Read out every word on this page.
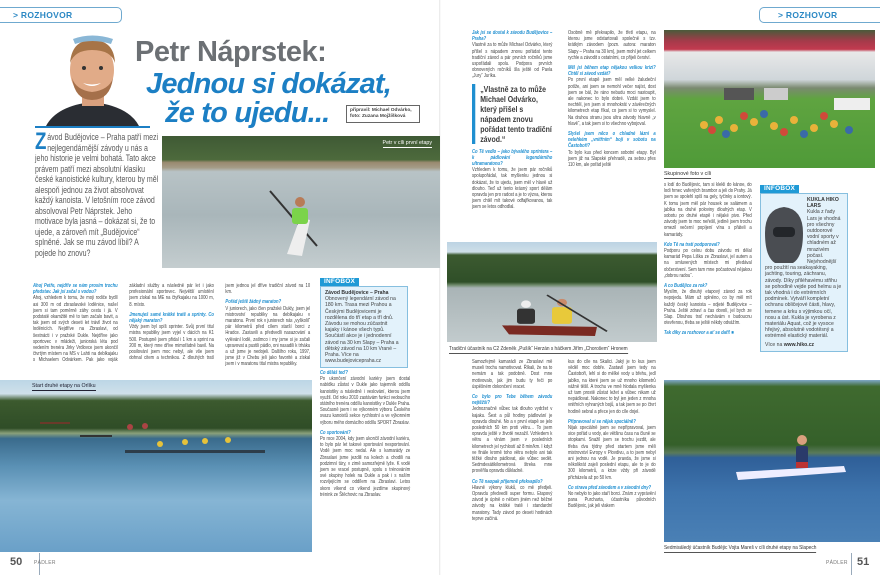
> ROZHOVOR
Petr Náprstek:
Jednou si dokázat,
že to ujedu...	připravil: Michael Odvárko,
foto: Zuzana Mojžíšková
Závod Budějovice – Praha patří mezi nejlegendárnější závody u nás a jeho historie je velmi bohatá. Tato akce právem patří mezi absolutní klasiku české kanoistické kultury, kterou by měl alespoň jednou za život absolvovat každý kanoista. V letošním roce závod absolvoval Petr Náprstek. Jeho motivace byla jasná – dokázat si, že to ujede, a zároveň mít „Budějovice“ splněné. Jak se mu závod líbil? A pojede ho znovu?
Petr v cíli první etapy
Ahoj Petře, nejdřív se nám prosím trochu představ. Jak jsi začal s vodou?
Ahoj, vzhledem k tomu, že moji rodiče bydlí asi 300 m od zbraslavské loděnice, našel jsem si tam poměrně záhy cestu i já. V podstatě okamžitě mě to tam začalo bavit, a tak jsem od svých deseti let trávil život na loděnicích. Nejdříve na Zbraslavi, od šestnácti i v pražské Dukle. Nejdříve jako sportovec v mládeži, juniorská léta pod vedením trenéra Jirky Vrdlovce jsem ukončil čtvrtým místem na MS v Lahti na deblkajaku s Michaelem Odvárkem. Pak jako voják základní služby a následně pár let i jako profesionální sportovec. Největší umístění jsem získal na ME na čtyřkajaku na 1000 m, 8. místo.
Jmenuješ samé krátké tratě a sprinty. Co nějaký maraton?
Vždy jsem byl spíš sprinter. Svůj první titul mistra republiky jsem vyjel v dácích na K1 500. Postupně jsem přidal i 1 km a sprint na 200 m, který mne dříve mimořádně bavil. Na posilování jsem moc nebyl, ale vše jsem dohnal citem a technikou. Z dlouhých tratí jsem jednou jel dříve tradiční závod na 10 km.
Pořád ještě žádný maraton?
V juniorech, jako člen pražské Dukly, jsem jel mistrovství republiky na deblkajaku v maratonu. První rok v juniorech nás „vyškolil“ pár kilometrů před cílem starší borci z Hradce. Zastavili a předvedli nasazování a vylévání lodě, zatímco i my jsme si je začali upravovat a pustili pádlo, oni nasadili k trháku a už jsme je nedojeli. Dalšího roku, 1997, jsme již v Chebu jeli jako favorité a získal jsem i v maratonu titul mistra republiky.
INFOBOX
Závod Budějovice – Praha
Obnovený legendární závod na 180 km. Trasa mezi Prahou a Českými Budějovicemi je rozdělena do tří etap a tří dnů. Závodu se mohou zúčastnit kajaky i kánoe všech typů. Součástí akce je i jednodenní závod na 30 km Slapy – Praha a dětský závod na 10 km Vrané – Praha. Více na www.budejovicepraha.cz
Co děláš teď?
Po ukončení závodní kariéry jsem dostal nabídku zůstat v Dukle jako tajemník oddílu kanoistiky a následně i veslování, kterou jsem využil. Od roku 2010 zastávám funkci vedoucího státního trenéra oddílu kanoistiky v Dukle Praha. Současně jsem i ve výkonném výboru Českého svazu kanoistů sekce rychlostní a ve výkonném výboru mého domácího oddílu SPORT Zbraslav.
Co sportování?
Po roce 2004, kdy jsem ukončil závodní kariéru, to bylo pár let takové sportování nesportování. Vodě jsem moc nedal. Ale s kamarády ze Zbraslavi jsme jezdili na kolech a chodili na podzimní túry, v zimě samozřejmě lyže. K vodě jsem se vracel postupně, spolu s trénováním své skupiny holek na Dukle a pak i s naším rozvíjejícím se oddílem na Zbraslavi. Letos skoro víkend co víkend jezdíme skupinový trénink ze Štěchovic na Zbraslav.
Start druhé etapy na Orlíku
50	PÁDLER
> ROZHOVOR
Jak jsi se dostal k závodu Budějovice – Praha?
Vlastně za to může Michael Odvárko, který přišel s nápadem znovu pořádat tento tradiční závod a pár prvních ročníků jsme uspořádali spolu. Podpora prvních obnovených ročníků šla ještě od Pavla „Jury“ Juríka.
„Vlastně za to může Michael Odvárko, který přišel s nápadem znovu pořádat tento tradiční závod.“
Co Tě vedlo – jako bývalého sprintera – k pádlování legendárního ultramaratonu?
Vzhledem k tomu, že jsem pár ročníků spolupořádal, tak myšlenku jednou si dokázat, že to ujedu, jsem měl v hlavě už dlouho. Teď už tento krásný sport dělám opravdu jen pro radost a je to výzva, kterou jsem chtěl mít takové odfajfkovanou, tak jsem se letos odhodlal.
Osobně mě překvapilo, že třetí etapu, na kterou jsme odstartovali společně s tzv. krátkým závodem (pozn. autora: maraton Slapy – Praha na 30 km), jsem mohl jet celkem rychle a závodit s ostatními, co přijeli čerství.
Měl jsi během etap nějakou velkou krizi? Chtěl si závod vzdát?
Po první etapě jsem měl velké žaludeční potíže, ani jsem se nemohl večer najíst, dost jsem se bál, že ráno nebudu moci nastoupit, ale nakonec to bylo dobré. Vzdát jsem to nechtěl, jen jsem si mnohokrát v závěrečných kilometrech etap říkal, co jsem si to vymyslel. Na druhou stranu jsou ultra závody hlavně „v hlavě“, a tak jsem si to všechno vybojoval.
Slyšel jsem něco o chladné lázni a nelehkém „vnitřním“ boji v sobotu na Častoboři?
To bylo kus před koncem sobotní etapy. Byl jsem již na Slapské přehradě, za sebou přes 110 km, ale pořád ještě
Skupinové foto v cíli
s lodí do Budějovic, tam si klekli do kánoe, do lodi hrnec vařených brambor a jeli do Prahy. Já jsem se spolehl spíš na gely, tyčinky a iontový. K tomu jsem měl pár housek se salámem a jablka na druhé poloviny dlouhých etap. V sobotu po druhé etapě i nějaké pivo. Před závody jsem to moc neřešil, jedině jsem trochu omezil večerní popíjení vína s přáteli a kamarády.
Kdo Tě na trati podporoval?
Podporu po celou dobu závodu mi dělal kamarád Pepa Liška ze Zbraslavi, jel autem a na smluvených místech mi předával občerstvení. Sem tam mne počastoval nějakou „dobrou radou“.
A co Budějice za rok?
Myslím, že dlouhý etapový závod za rok nepojedu. Mám už splněno, co by měl mít každý český kanoista – odjeté Budějovice – Praha. Ještě zdraví a čas dovolí, jel bych ze Slap. Dlouhou trať nechávám v budoucnu otevřenou, třeba se ještě někdy odvážím.
Tak díky za rozhovor a ať se daří! ■
INFOBOX
KUKLA HIKO LARS
Kukla z řady Lars je vhodná pro všechny outdoorové vodní sporty v chladném až mrazivém počasí. Nejvhodnější pro použití na seakayaking, jachting, touring, záchranu, závody. Díky přiléhavému střihu se pohodlně vejde pod helmu a je tak vhodná i do extrémních podmínek. Vytváří kompletní ochranu obličejové části, hlavy, temene a krku s výjimkou očí, nosu a úst. Kukla je vyrobena z materiálu Aquat, což je vysoce hřejivý, absolutně vodotěsný a extrémně elastický materiál.
Více na www.hiko.cz
Tradiční účastník na C2 Zdeněk „Pušík“ Herzán s háčkem Jiřím „Chorošem“ Hronem
Samozřejmě kamarádi ze Zbraslavi mě museli trochu namotivovat. Říkali, že na to nemám a tak podobně. Dost mne motivovalo, jak jim budu ty řeči po úspěšném dokončení vracet.
Co bylo pro Tebe během závodu nejtěžší?
Jednoznačně vůbec tak dlouho vydržet v kajaku. Šest a půl hodiny pádlování je opravdu dlouhé. No a v první etapě se jelo posledních 50 km proti větru… To jsem opravdu ještě v životě nezažil. Vzhledem k větru a vlnám jsem v posledních kilometrech jel rychlostí až 8 min/km. I když ve finále kromě toho větru nebylo ani tak těžké dlouho pádlovat, ale vůbec sedět. Sedmdesátikilometrová štreka mne prověřila opravdu důkladně.
Co Tě naopak příjemně překvapilo?
Hlavně výkony kluků, co mě předjeli. Opravdu předvedli super formu. Etapový závod je úplně o něčem jiném než běžné závody na krátké tratě i standardní maratony. Tady závod po deseti hodinách teprve začíná.
kus do cíle na Skalici. Jaký je to kus jsem věděl moc dobře. Zastavil jsem tedy na Častoboři, lehl si do mělké vody u břehu, jedl jablko, na které jsem se už mnoho kilometrů vážně těšil. A trochu ve mně hlodala myšlenka už tam prostě zůstat ležet a vůbec nikam už nepádlovat. Nakonec to byl jen jeden z mnoha vnitřních vyhraných bojů, a tak jsem se po čtvrt hodině sebral a přece jen do cíle dojel.
Připravoval si se nějak speciálně?
Nijak speciálně jsem se nepřipravoval, jsem sice pořád u vody, ale většinu času na čluně se stopkami. Snažil jsem se trochu jezdit, ale třeba dva týdny před startem jsme měli mistrovství Evropy v Plovdivu, a to jsem nebyl ani jednou na vodě. Je pravda, že jsme si několikrát zajeli poslední etapu, ale to je do 300 kilometrů, a krize vždy při závodě přicházela až po 50 km.
Co strava před závodem a v závodní dny?
No nebylo to jako staří borci. Znám z vyprávění pana Purcharta, účastníka původních Budějovic, jak jeli vlakem
Sedmisáledý účastník Budějic Vojta Mareš v cíli druhé etapy na Slapech
PÁDLER 51
